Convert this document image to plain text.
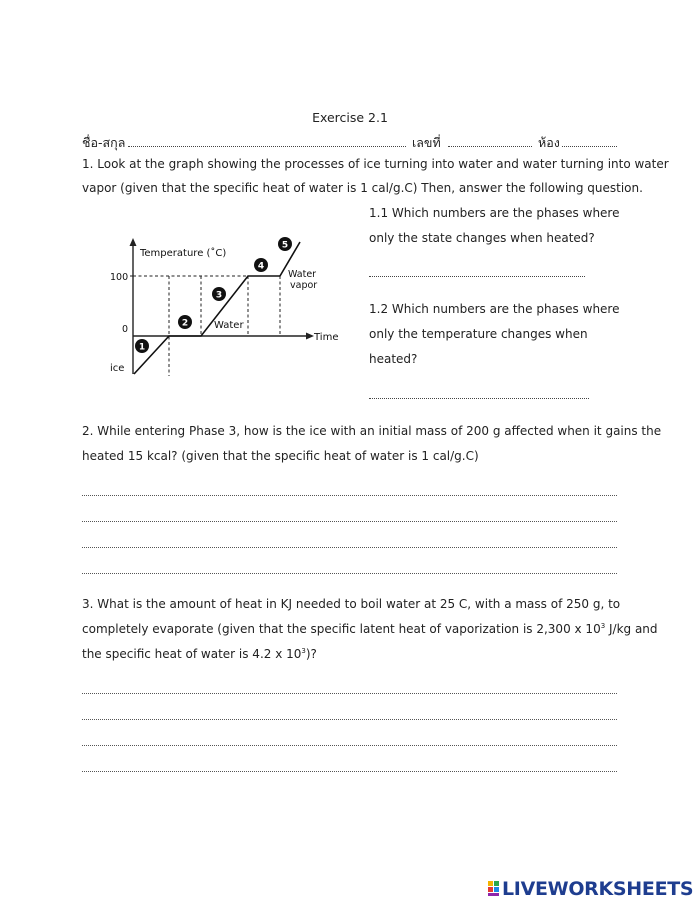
Exercise 2.1
ชื่อ-สกุล	เลขที่	ห้อง
1. Look at the graph showing the processes of ice turning into water and water turning into water
vapor (given that the specific heat of water is 1 cal/g.C) Then, answer the following question.
1.1 Which numbers are the phases where
only the state changes when heated?
1.2 Which numbers are the phases where
only the temperature changes when
heated?
Temperature (˚C)
Time
100
0
ice
Water
Water
vapor
1
2
3
4
5
2. While entering Phase 3, how is the ice with an initial mass of 200 g affected when it gains the
heated 15 kcal? (given that the specific heat of water is 1 cal/g.C)
3. What is the amount of heat in KJ needed to boil water at 25 C, with a mass of 250 g, to
completely evaporate (given that the specific latent heat of vaporization is 2,300 x $10^3$ J/kg and
the specific heat of water is 4.2 x $10^3$)?
LIVEWORKSHEETS
